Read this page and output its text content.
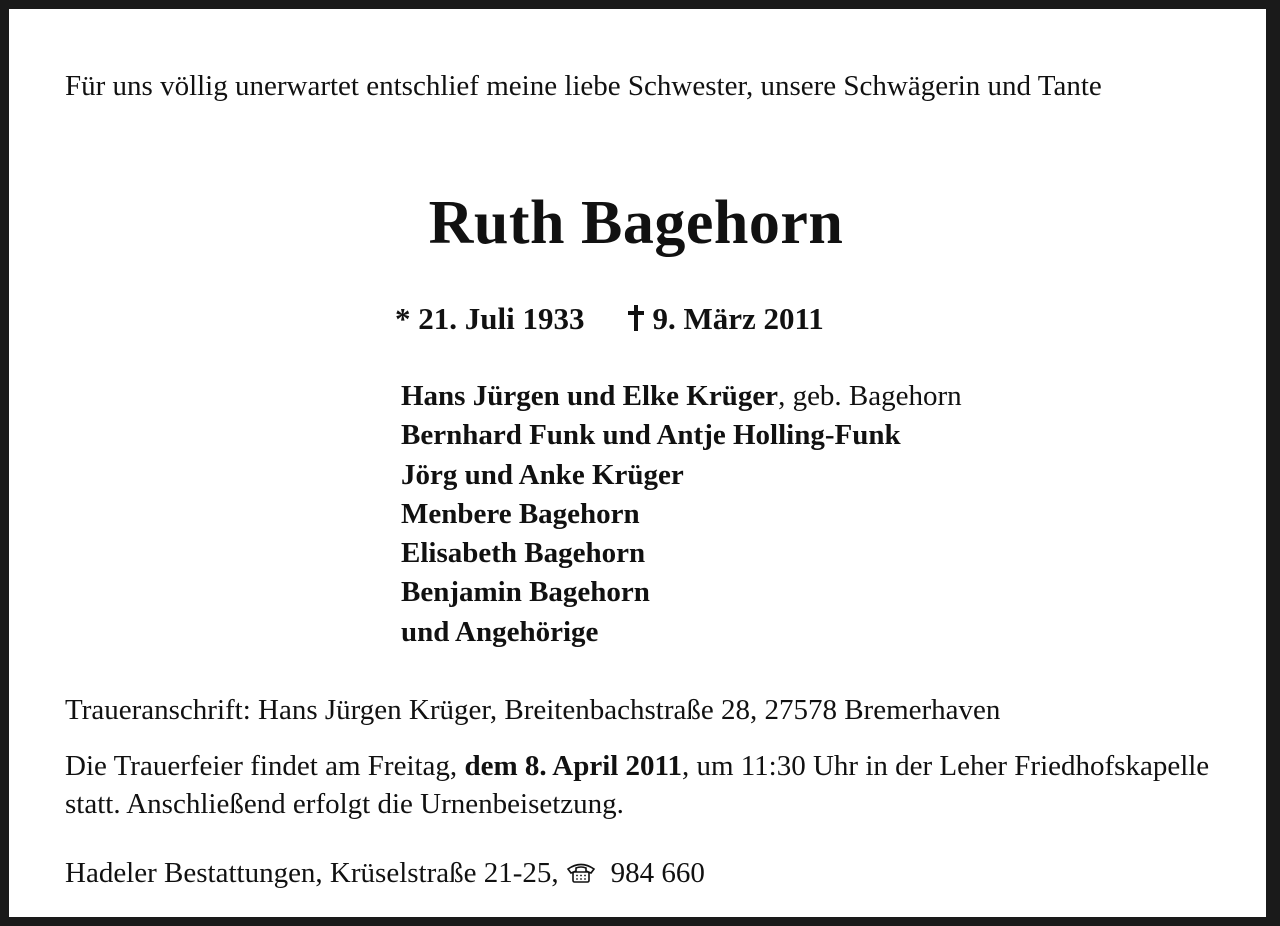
Für uns völlig unerwartet entschlief meine liebe Schwester, unsere Schwägerin und Tante
Ruth Bagehorn
* 21. Juli 1933 9. März 2011
Hans Jürgen und Elke Krüger, geb. Bagehorn
Bernhard Funk und Antje Holling-Funk
Jörg und Anke Krüger
Menbere Bagehorn
Elisabeth Bagehorn
Benjamin Bagehorn
und Angehörige

Traueranschrift: Hans Jürgen Krüger, Breitenbachstraße 28, 27578 Bremerhaven

Die Trauerfeier findet am Freitag, dem 8. April 2011, um 11:30 Uhr in der Leher Friedhofskapelle statt. Anschließend erfolgt die Urnenbeisetzung.

Hadeler Bestattungen, Krüselstraße 21-25, 984 660
